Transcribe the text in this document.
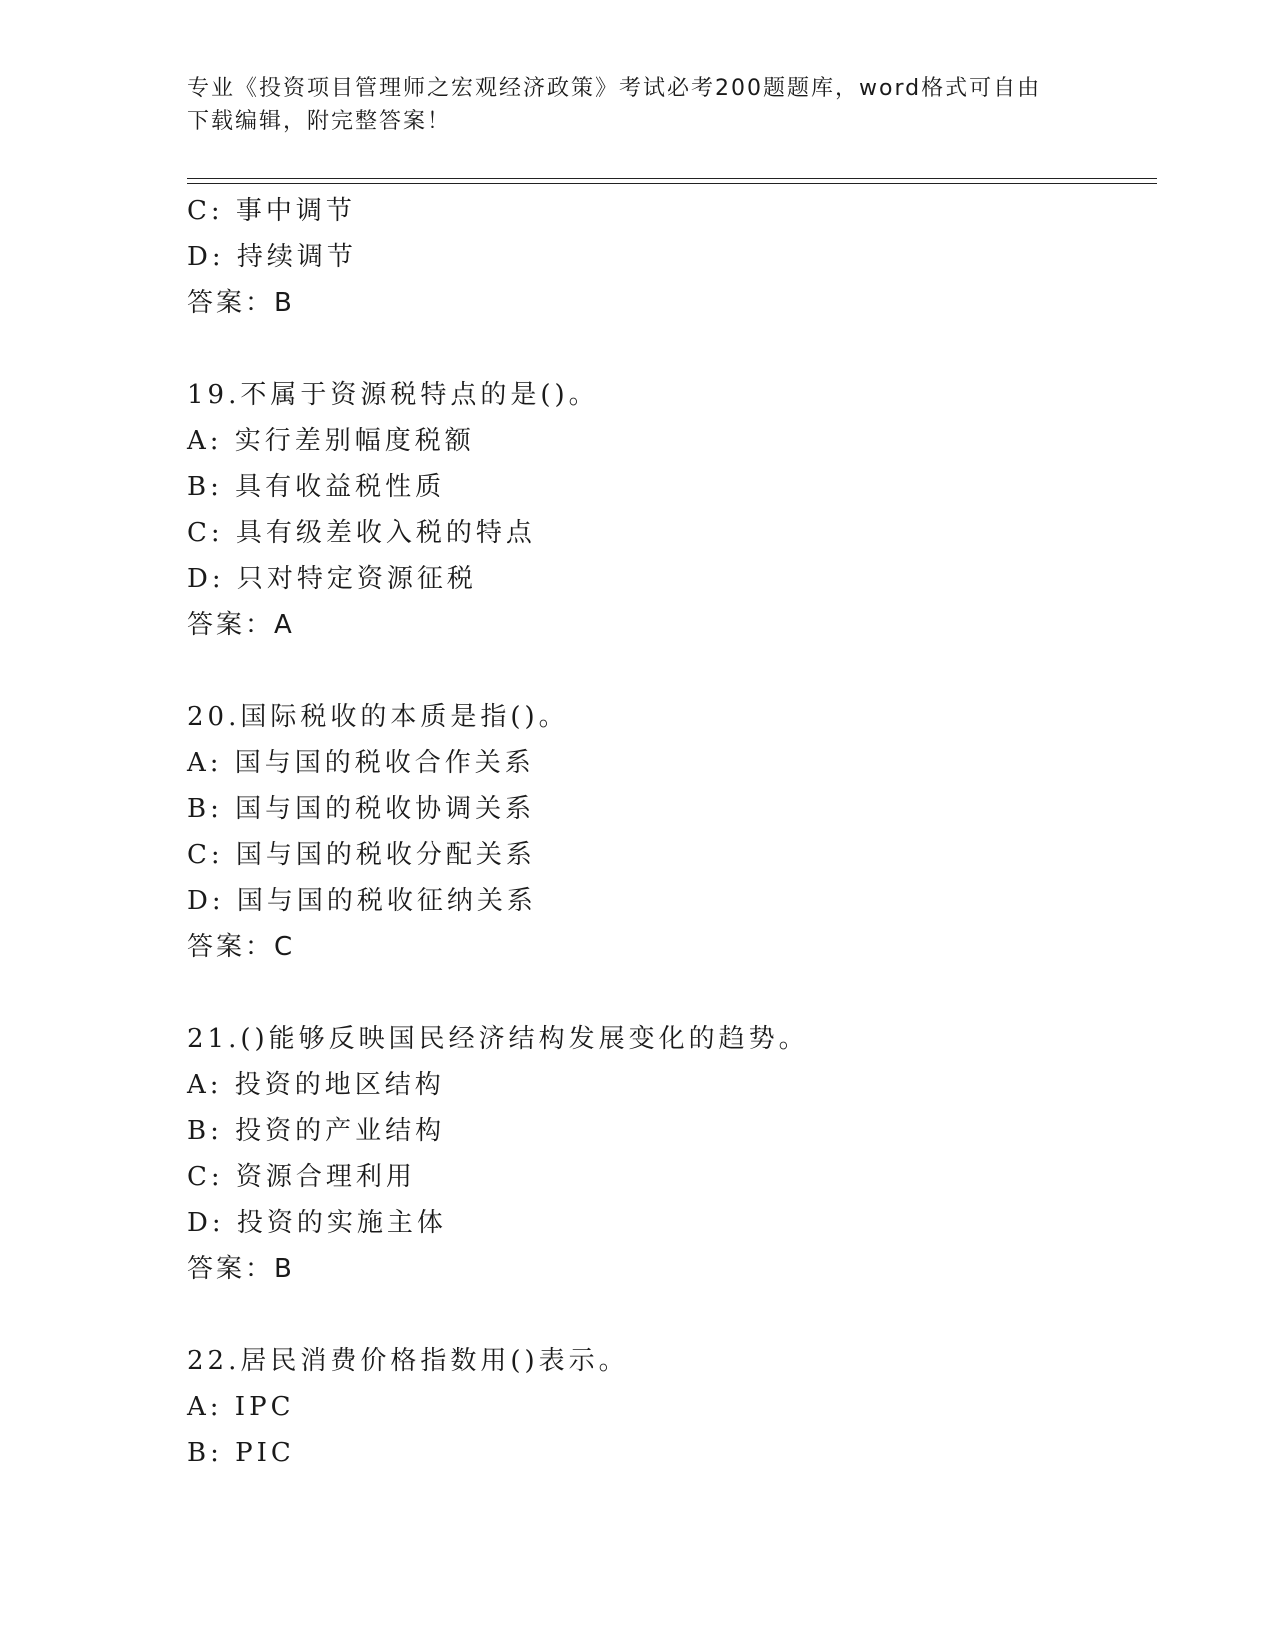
专业《投资项目管理师之宏观经济政策》考试必考200题题库，word格式可自由
下载编辑，附完整答案！
C: 事中调节
D: 持续调节
答案：B
19.不属于资源税特点的是()。
A: 实行差别幅度税额
B: 具有收益税性质
C: 具有级差收入税的特点
D: 只对特定资源征税
答案：A
20.国际税收的本质是指()。
A: 国与国的税收合作关系
B: 国与国的税收协调关系
C: 国与国的税收分配关系
D: 国与国的税收征纳关系
答案：C
21.()能够反映国民经济结构发展变化的趋势。
A: 投资的地区结构
B: 投资的产业结构
C: 资源合理利用
D: 投资的实施主体
答案：B
22.居民消费价格指数用()表示。
A: IPC
B: PIC
